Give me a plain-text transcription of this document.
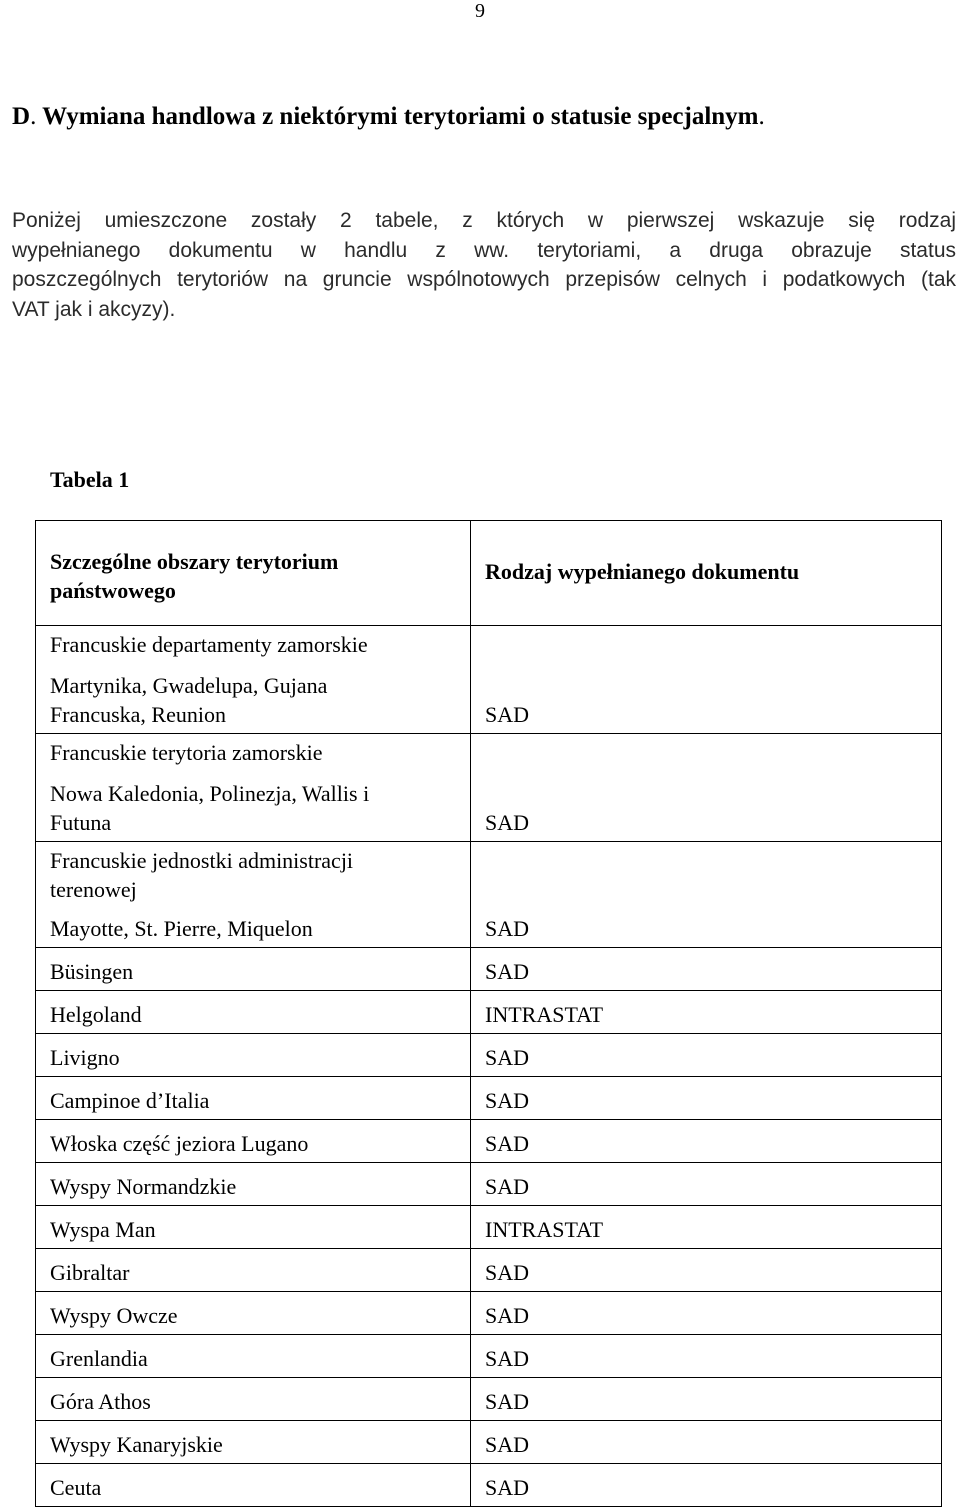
9
D. Wymiana handlowa z niektórymi terytoriami o statusie specjalnym.

Poniżej umieszczone zostały 2 tabele, z których w pierwszej wskazuje się rodzaj
wypełnianego dokumentu w handlu z ww. terytoriami, a druga obrazuje status
poszczególnych terytoriów na gruncie wspólnotowych przepisów celnych i podatkowych (tak
VAT jak i akcyzy).

Tabela 1
Szczególne obszary terytorium
państwowego	Rodzaj wypełnianego dokumentu

Francuskie departamenty zamorskie
Martynika, Gwadelupa, Gujana
Francuska, Reunion	SAD

Francuskie terytoria zamorskie
Nowa Kaledonia, Polinezja, Wallis i
Futuna	SAD

Francuskie jednostki administracji
terenowej
Mayotte, St. Pierre, Miquelon	SAD
Büsingen	SAD
Helgoland	INTRASTAT
Livigno	SAD
Campinoe d’Italia	SAD
Włoska część jeziora Lugano	SAD
Wyspy Normandzkie	SAD
Wyspa Man	INTRASTAT
Gibraltar	SAD
Wyspy Owcze	SAD
Grenlandia	SAD
Góra Athos	SAD
Wyspy Kanaryjskie	SAD
Ceuta	SAD
